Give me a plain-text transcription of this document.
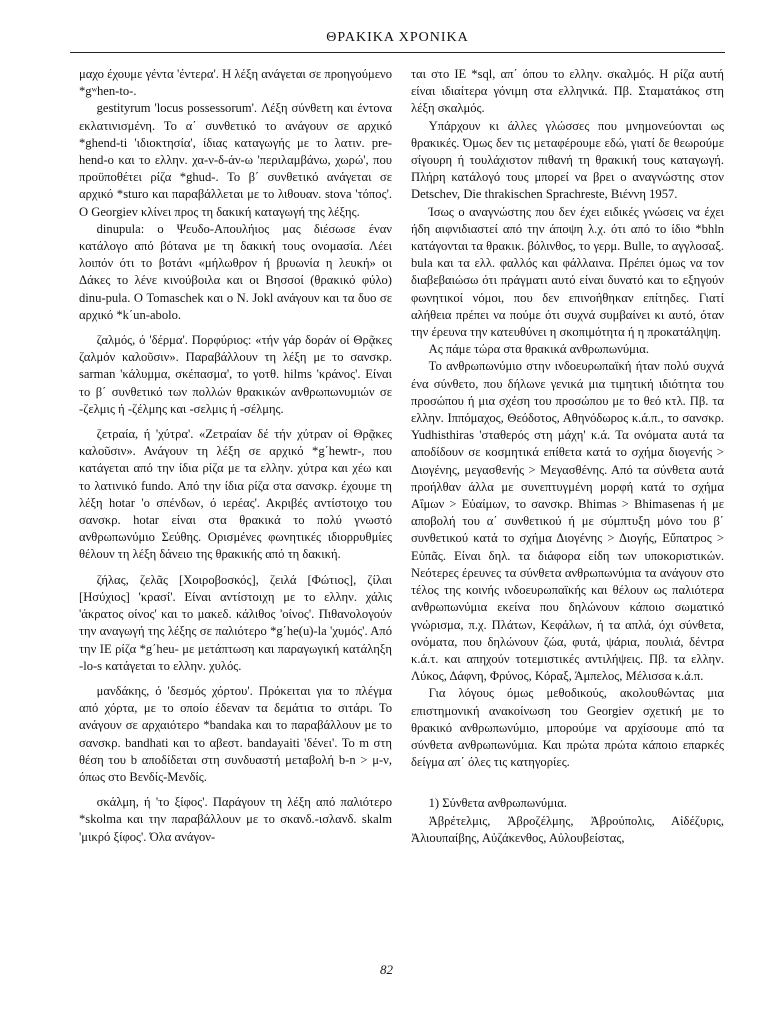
ΘΡΑΚΙΚΑ ΧΡΟΝΙΚΑ

μαχο έχουμε γέντα 'έντερα'. Η λέξη ανάγεται σε προηγούμενο *gʷhen-to-.

gestityrum 'locus possessorum'. Λέξη σύνθετη και έντονα εκλατινισμένη. Το α΄ συνθετικό το ανάγουν σε αρχικό *ghend-ti 'ιδιοκτησία', ίδιας καταγωγής με το λατιν. pre-hend-o και το ελλην. χα-ν-δ-άν-ω 'περιλαμβάνω, χωρώ', που προϋποθέτει ρίζα *ghud-. Το β΄ συνθετικό ανάγεται σε αρχικό *sturo και παραβάλλεται με το λιθουαν. stova 'τόπος'. Ο Georgiev κλίνει προς τη δακική καταγωγή της λέξης.

dinupula: ο Ψευδο-Απουλήιος μας διέσωσε έναν κατάλογο από βότανα με τη δακική τους ονομασία. Λέει λοιπόν ότι το βοτάνι «μήλωθρον ή βρυωνία η λευκή» οι Δάκες το λένε κινούβοιλα και οι Βησσοί (θρακικό φύλο) dinu-pula. Ο Tomaschek και ο N. Jokl ανάγουν και τα δυο σε αρχικό *k΄un-abolo.

ζαλμός, ό 'δέρμα'. Πορφύριος: «τήν γάρ δοράν οί Θρᾷκες ζαλμόν καλοῦσιν». Παραβάλλουν τη λέξη με το σανσκρ. sarman 'κάλυμμα, σκέπασμα', το γοτθ. hilms 'κράνος'. Είναι το β΄ συνθετικό των πολλών θρακικών ανθρωπωνυμιών σε -ζελμις ή -ζέλμης και -σελμις ή -σέλμης.

ζετραία, ή 'χύτρα'. «Ζετραίαν δέ τήν χύτραν οί Θρᾷκες καλοῦσιν». Ανάγουν τη λέξη σε αρχικό *g΄hewtr-, που κατάγεται από την ίδια ρίζα με τα ελλην. χύτρα και χέω και το λατινικό fundo. Από την ίδια ρίζα στα σανσκρ. έχουμε τη λέξη hotar 'ο σπένδων, ό ιερέας'. Ακριβές αντίστοιχο του σανσκρ. hotar είναι στα θρακικά το πολύ γνωστό ανθρωπωνύμιο Σεύθης. Ορισμένες φωνητικές ιδιορρυθμίες θέλουν τη λέξη δάνειο της θρακικής από τη δακική.

ζήλας, ζελᾶς [Χοιροβοσκός], ζειλά [Φώτιος], ζίλαι [Ησύχιος] 'κρασί'. Είναι αντίστοιχη με το ελλην. χάλις 'άκρατος οίνος' και το μακεδ. κάλιθος 'οίνος'. Πιθανολογούν την αναγωγή της λέξης σε παλιότερο *g΄he(u)-la 'χυμός'. Από την IE ρίζα *g΄heu- με μετάπτωση και παραγωγική κατάληξη -lo-s κατάγεται το ελλην. χυλός.

μανδάκης, ό 'δεσμός χόρτου'. Πρόκειται για το πλέγμα από χόρτα, με το οποίο έδεναν τα δεμάτια το σιτάρι. Το ανάγουν σε αρχαιότερο *bandaka και το παραβάλλουν με το σανσκρ. bandhati και το αβεστ. bandayaiti 'δένει'. Το m στη θέση του b αποδίδεται στη συνδυαστή μεταβολή b-n > μ-ν, όπως στο Βενδίς-Μενδίς.

σκάλμη, ή 'το ξίφος'. Παράγουν τη λέξη από παλιότερο *skolma και την παραβάλλουν με το σκανδ.-ισλανδ. skalm 'μικρό ξίφος'. Όλα ανάγον-

ται στο IE *sql, απ΄ όπου το ελλην. σκαλμός. Η ρίζα αυτή είναι ιδιαίτερα γόνιμη στα ελληνικά. Πβ. Σταματάκος στη λέξη σκαλμός.

Υπάρχουν κι άλλες γλώσσες που μνημονεύονται ως θρακικές. Όμως δεν τις μεταφέρουμε εδώ, γιατί δε θεωρούμε σίγουρη ή τουλάχιστον πιθανή τη θρακική τους καταγωγή. Πλήρη κατάλογό τους μπορεί να βρει ο αναγνώστης στον Detschev, Die thrakischen Sprachreste, Βιέννη 1957.

Ίσως ο αναγνώστης που δεν έχει ειδικές γνώσεις να έχει ήδη αιφνιδιαστεί από την άποψη λ.χ. ότι από το ίδιο *bhln κατάγονται τα θρακικ. βόλινθος, το γερμ. Bulle, το αγγλοσαξ. bula και τα ελλ. φαλλός και φάλλαινα. Πρέπει όμως να τον διαβεβαιώσω ότι πράγματι αυτό είναι δυνατό και το εξηγούν φωνητικοί νόμοι, που δεν επινοήθηκαν επίτηδες. Γιατί αλήθεια πρέπει να πούμε ότι συχνά συμβαίνει κι αυτό, όταν την έρευνα την κατευθύνει η σκοπιμότητα ή η προκατάληψη.

Ας πάμε τώρα στα θρακικά ανθρωπωνύμια.

Το ανθρωπωνύμιο στην ινδοευρωπαϊκή ήταν πολύ συχνά ένα σύνθετο, που δήλωνε γενικά μια τιμητική ιδιότητα του προσώπου ή μια σχέση του προσώπου με το θεό κτλ. Πβ. τα ελλην. Ιππόμαχος, Θεόδοτος, Αθηνόδωρος κ.ά.π., το σανσκρ. Yudhisthiras 'σταθερός στη μάχη' κ.ά. Τα ονόματα αυτά τα αποδίδουν σε κοσμητικά επίθετα κατά το σχήμα διογενής > Διογένης, μεγασθενής > Μεγασθένης. Από τα σύνθετα αυτά προήλθαν άλλα με συνεπτυγμένη μορφή κατά το σχήμα Αΐμων > Εὐαίμων, το σανσκρ. Bhimas > Bhimasenas ή με αποβολή του α΄ συνθετικού ή με σύμπτυξη μόνο του β΄ συνθετικού κατά το σχήμα Διογένης > Διογής, Εὔπατρος > Εὐπᾶς. Είναι δηλ. τα διάφορα είδη των υποκοριστικών. Νεότερες έρευνες τα σύνθετα ανθρωπωνύμια τα ανάγουν στο τέλος της κοινής ινδοευρωπαϊκής και θέλουν ως παλιότερα ανθρωπωνύμια εκείνα που δηλώνουν κάποιο σωματικό γνώρισμα, π.χ. Πλάτων, Κεφάλων, ή τα απλά, όχι σύνθετα, ονόματα, που δηλώνουν ζώα, φυτά, ψάρια, πουλιά, δέντρα κ.ά.τ. και απηχούν τοτεμιστικές αντιλήψεις. Πβ. τα ελλην. Λύκος, Δάφνη, Φρύνος, Κόραξ, Άμπελος, Μέλισσα κ.ά.π.

Για λόγους όμως μεθοδικούς, ακολουθώντας μια επιστημονική ανακοίνωση του Georgiev σχετική με το θρακικό ανθρωπωνύμιο, μπορούμε να αρχίσουμε από τα σύνθετα ανθρωπωνύμια. Και πρώτα πρώτα κάποιο επαρκές δείγμα απ΄ όλες τις κατηγορίες.

1) Σύνθετα ανθρωπωνύμια.

Ἀβρέτελμις, Ἀβροζέλμης, Ἀβρούπολις, Αἰδέζυρις, Ἀλιουπαίβης, Αὐζάκενθος, Αὐλουβείστας,

82
